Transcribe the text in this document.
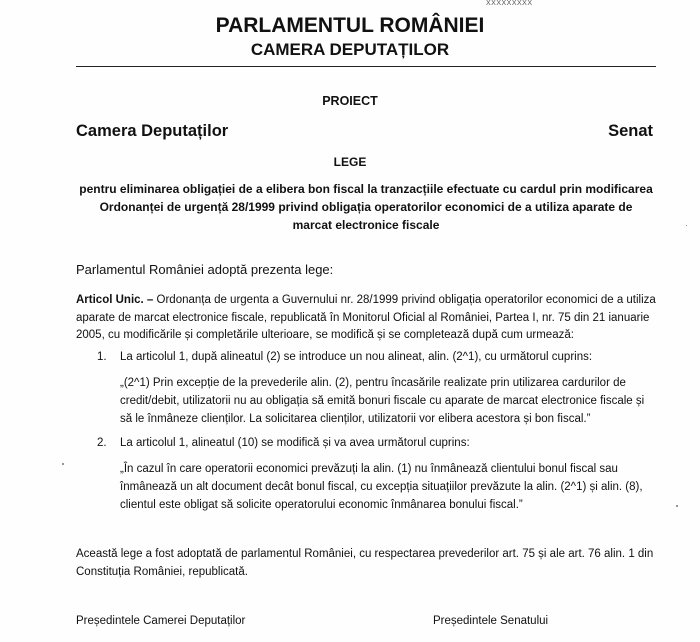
XXXXXXXXX
PARLAMENTUL ROMÂNIEI
CAMERA DEPUTAȚILOR
PROIECT
Camera Deputaților	Senat
LEGE
pentru eliminarea obligației de a elibera bon fiscal la tranzacțiile efectuate cu cardul prin modificarea
Ordonanței de urgență 28/1999 privind obligația operatorilor economici de a utiliza aparate de
marcat electronice fiscale
Parlamentul României adoptă prezenta lege:
Articol Unic. – Ordonanța de urgenta a Guvernului nr. 28/1999 privind obligația operatorilor economici de a utiliza
aparate de marcat electronice fiscale, republicată în Monitorul Oficial al României, Partea I, nr. 75 din 21 ianuarie
2005, cu modificările și completările ulterioare, se modifică și se completează după cum urmează:
1. La articolul 1, după alineatul (2) se introduce un nou alineat, alin. (2^1), cu următorul cuprins:
„(2^1) Prin excepție de la prevederile alin. (2), pentru încasările realizate prin utilizarea cardurilor de
credit/debit, utilizatorii nu au obligația să emită bonuri fiscale cu aparate de marcat electronice fiscale și
să le înmâneze clienților. La solicitarea clienților, utilizatorii vor elibera acestora și bon fiscal.”
2. La articolul 1, alineatul (10) se modifică și va avea următorul cuprins:
„În cazul în care operatorii economici prevăzuți la alin. (1) nu înmânează clientului bonul fiscal sau
înmânează un alt document decât bonul fiscal, cu excepția situațiilor prevăzute la alin. (2^1) și alin. (8),
clientul este obligat să solicite operatorului economic înmânarea bonului fiscal.”
Această lege a fost adoptată de parlamentul României, cu respectarea prevederilor art. 75 și ale art. 76 alin. 1 din
Constituția României, republicată.
Președintele Camerei Deputaților	Președintele Senatului
